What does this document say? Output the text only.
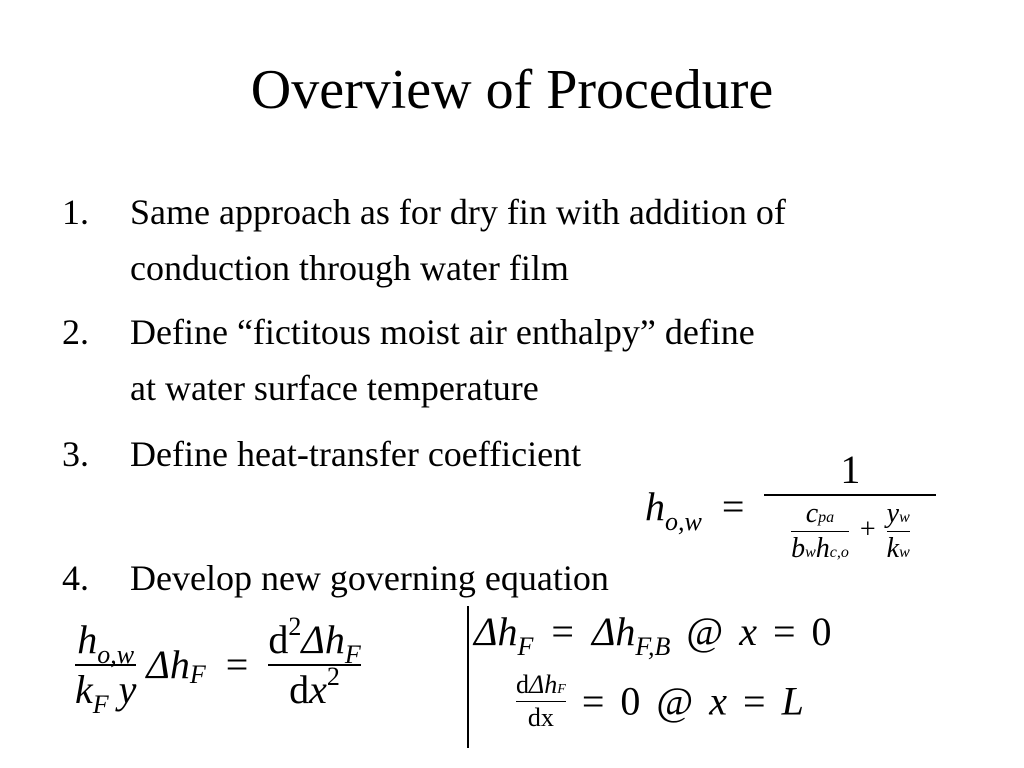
Overview of Procedure
1. Same approach as for dry fin with addition of
conduction through water film
2. Define “fictitous moist air enthalpy” define
at water surface temperature
3. Define heat-transfer coefficient
4. Develop new governing equation
$h_{o,w}$ =
1
$\frac{\text{cpa}}{\text{bwhc,o}} + \frac{yw}{kw}$
$\frac{h_{o,w}}{k_F y} \Delta h_F = \frac{d^2\Delta h_F}{dx^2}$	$\Delta h_F = \Delta h_{F,B}$ @ x = 0
$\frac{\text{dΔhF}}{dx} = 0$ @ x = L
